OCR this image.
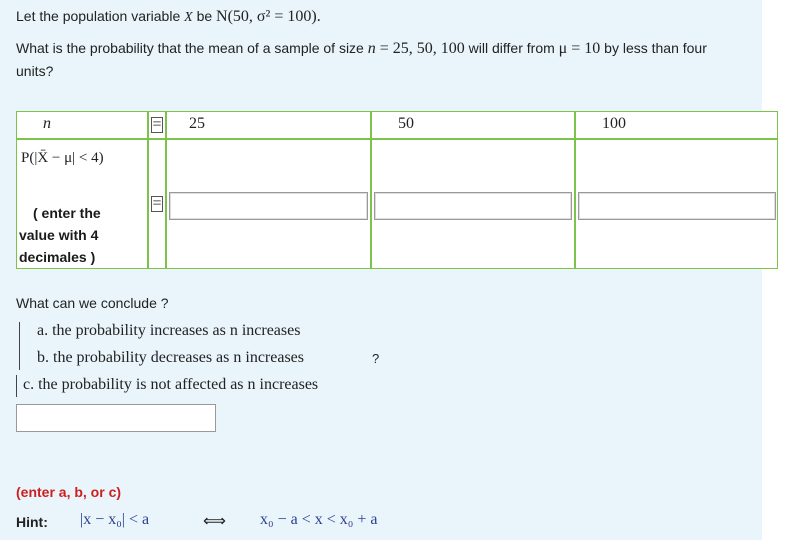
Let the population variable X be N(50, σ² = 100).
What is the probability that the mean of a sample of size n = 25, 50, 100 will differ from μ = 10 by less than four units?
n	= 25	50	100
P(|X̄ − μ| < 4)
( enter the
value with 4
decimales )
=
What can we conclude ?
a. the probability increases as n increases
b. the probability decreases as n increases
c. the probability is not affected as n increases
?
(enter a, b, or c)
Hint: |x − x₀| < a	⟺ x₀ − a < x < x₀ + a
